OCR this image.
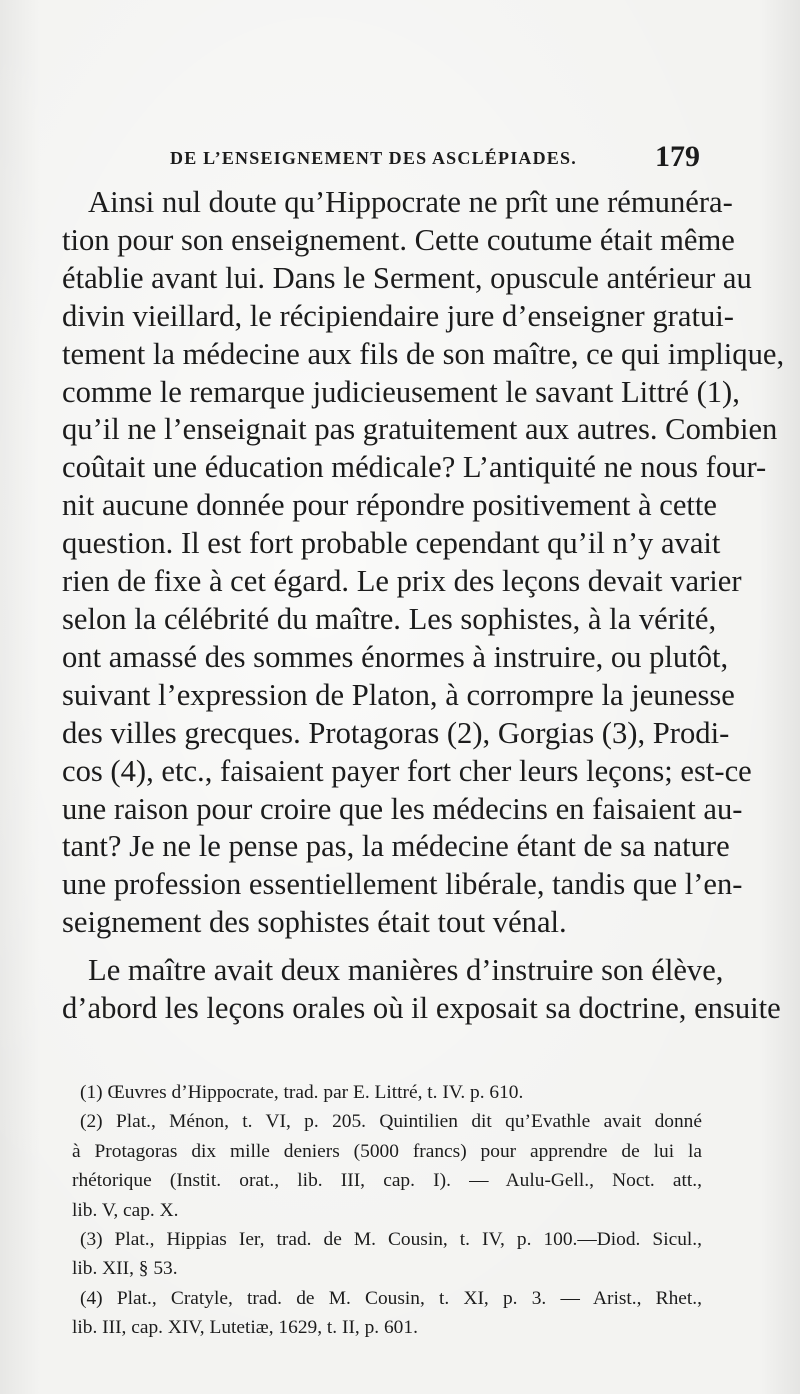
DE L’ENSEIGNEMENT DES ASCLÉPIADES.	179

Ainsi nul doute qu’Hippocrate ne prît une rémunéra-
tion pour son enseignement. Cette coutume était même
établie avant lui. Dans le Serment, opuscule antérieur au
divin vieillard, le récipiendaire jure d’enseigner gratui-
tement la médecine aux fils de son maître, ce qui implique,
comme le remarque judicieusement le savant Littré (1),
qu’il ne l’enseignait pas gratuitement aux autres. Combien
coûtait une éducation médicale? L’antiquité ne nous four-
nit aucune donnée pour répondre positivement à cette
question. Il est fort probable cependant qu’il n’y avait
rien de fixe à cet égard. Le prix des leçons devait varier
selon la célébrité du maître. Les sophistes, à la vérité,
ont amassé des sommes énormes à instruire, ou plutôt,
suivant l’expression de Platon, à corrompre la jeunesse
des villes grecques. Protagoras (2), Gorgias (3), Prodi-
cos (4), etc., faisaient payer fort cher leurs leçons; est-ce
une raison pour croire que les médecins en faisaient au-
tant? Je ne le pense pas, la médecine étant de sa nature
une profession essentiellement libérale, tandis que l’en-
seignement des sophistes était tout vénal.

Le maître avait deux manières d’instruire son élève,
d’abord les leçons orales où il exposait sa doctrine, ensuite

(1) Œuvres d’Hippocrate, trad. par E. Littré, t. IV. p. 610.
(2) Plat., Ménon, t. VI, p. 205. Quintilien dit qu’Evathle avait donné
à Protagoras dix mille deniers (5000 francs) pour apprendre de lui la
rhétorique (Instit. orat., lib. III, cap. I). — Aulu-Gell., Noct. att.,
lib. V, cap. X.
(3) Plat., Hippias Ier, trad. de M. Cousin, t. IV, p. 100.—Diod. Sicul.,
lib. XII, § 53.
(4) Plat., Cratyle, trad. de M. Cousin, t. XI, p. 3. — Arist., Rhet.,
lib. III, cap. XIV, Lutetiæ, 1629, t. II, p. 601.
